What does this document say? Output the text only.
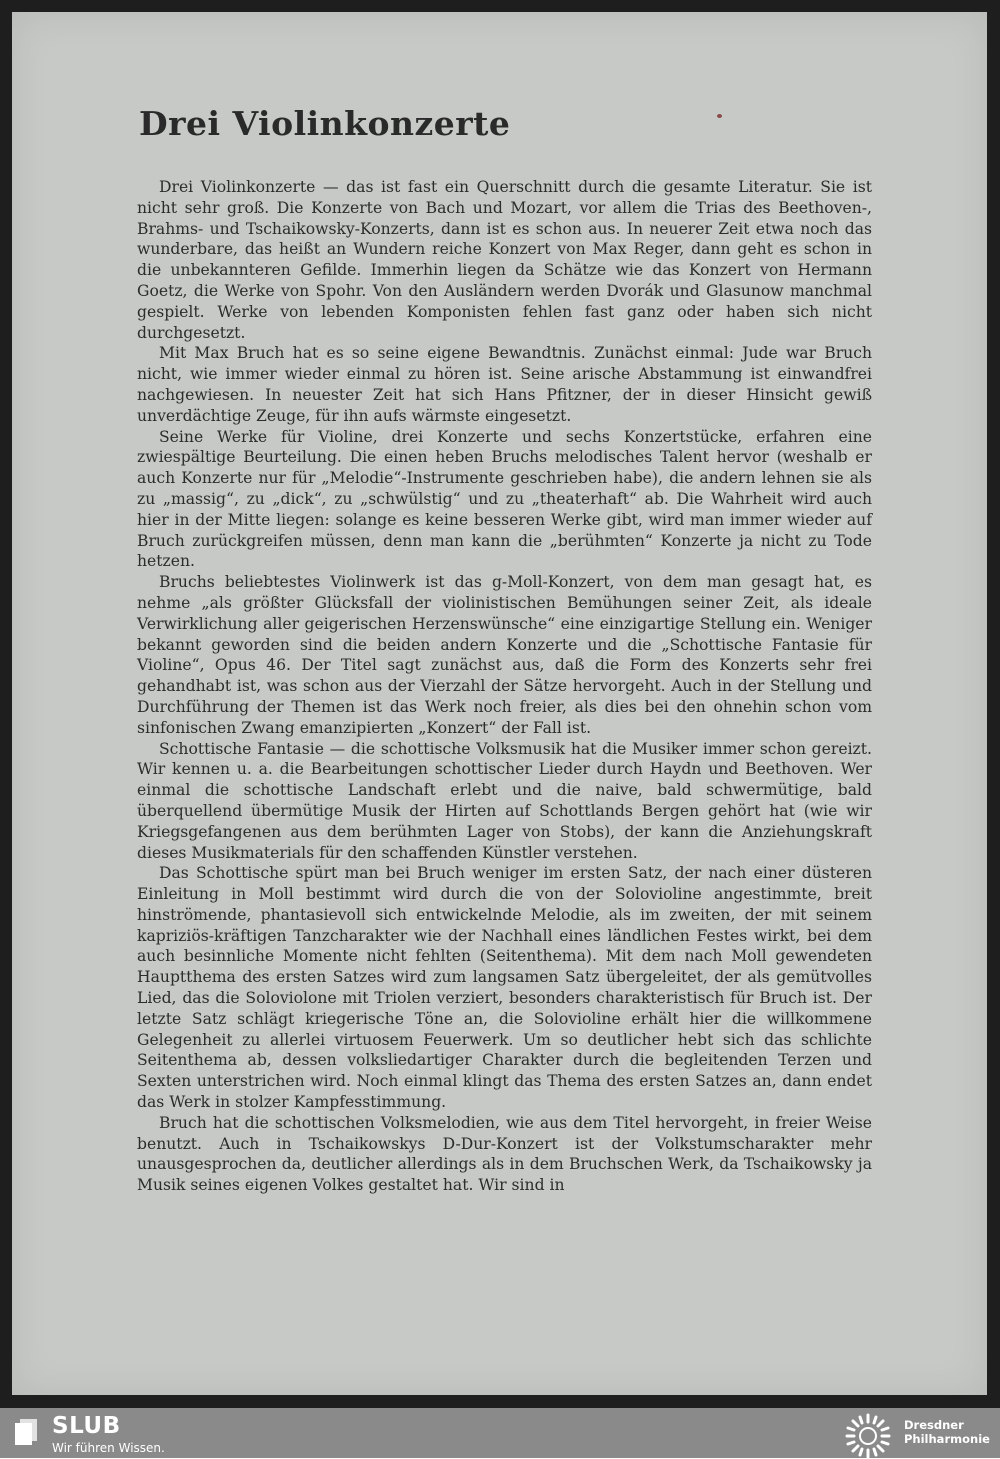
Drei Violinkonzerte

Drei Violinkonzerte — das ist fast ein Querschnitt durch die gesamte Literatur. Sie ist nicht sehr groß. Die Konzerte von Bach und Mozart, vor allem die Trias des Beethoven-, Brahms- und Tschaikowsky-Konzerts, dann ist es schon aus. In neuerer Zeit etwa noch das wunderbare, das heißt an Wundern reiche Konzert von Max Reger, dann geht es schon in die unbekannteren Gefilde. Immerhin liegen da Schätze wie das Konzert von Hermann Goetz, die Werke von Spohr. Von den Ausländern werden Dvorák und Glasunow manchmal gespielt. Werke von lebenden Komponisten fehlen fast ganz oder haben sich nicht durchgesetzt.

Mit Max Bruch hat es so seine eigene Bewandtnis. Zunächst einmal: Jude war Bruch nicht, wie immer wieder einmal zu hören ist. Seine arische Abstammung ist einwandfrei nachgewiesen. In neuester Zeit hat sich Hans Pfitzner, der in dieser Hinsicht gewiß unverdächtige Zeuge, für ihn aufs wärmste eingesetzt.

Seine Werke für Violine, drei Konzerte und sechs Konzertstücke, erfahren eine zwiespältige Beurteilung. Die einen heben Bruchs melodisches Talent hervor (weshalb er auch Konzerte nur für „Melodie“-Instrumente geschrieben habe), die andern lehnen sie als zu „massig“, zu „dick“, zu „schwülstig“ und zu „theaterhaft“ ab. Die Wahrheit wird auch hier in der Mitte liegen: solange es keine besseren Werke gibt, wird man immer wieder auf Bruch zurückgreifen müssen, denn man kann die „berühmten“ Konzerte ja nicht zu Tode hetzen.

Bruchs beliebtestes Violinwerk ist das g-Moll-Konzert, von dem man gesagt hat, es nehme „als größter Glücksfall der violinistischen Bemühungen seiner Zeit, als ideale Verwirklichung aller geigerischen Herzenswünsche“ eine einzigartige Stellung ein. Weniger bekannt geworden sind die beiden andern Konzerte und die „Schottische Fantasie für Violine“, Opus 46. Der Titel sagt zunächst aus, daß die Form des Konzerts sehr frei gehandhabt ist, was schon aus der Vierzahl der Sätze hervorgeht. Auch in der Stellung und Durchführung der Themen ist das Werk noch freier, als dies bei den ohnehin schon vom sinfonischen Zwang emanzipierten „Konzert“ der Fall ist.

Schottische Fantasie — die schottische Volksmusik hat die Musiker immer schon gereizt. Wir kennen u. a. die Bearbeitungen schottischer Lieder durch Haydn und Beethoven. Wer einmal die schottische Landschaft erlebt und die naive, bald schwermütige, bald überquellend übermütige Musik der Hirten auf Schottlands Bergen gehört hat (wie wir Kriegsgefangenen aus dem berühmten Lager von Stobs), der kann die Anziehungskraft dieses Musikmaterials für den schaffenden Künstler verstehen.

Das Schottische spürt man bei Bruch weniger im ersten Satz, der nach einer düsteren Einleitung in Moll bestimmt wird durch die von der Solovioline angestimmte, breit hinströmende, phantasievoll sich entwickelnde Melodie, als im zweiten, der mit seinem kapriziös-kräftigen Tanzcharakter wie der Nachhall eines ländlichen Festes wirkt, bei dem auch besinnliche Momente nicht fehlten (Seitenthema). Mit dem nach Moll gewendeten Hauptthema des ersten Satzes wird zum langsamen Satz übergeleitet, der als gemütvolles Lied, das die Soloviolone mit Triolen verziert, besonders charakteristisch für Bruch ist. Der letzte Satz schlägt kriegerische Töne an, die Solovioline erhält hier die willkommene Gelegenheit zu allerlei virtuosem Feuerwerk. Um so deutlicher hebt sich das schlichte Seitenthema ab, dessen volksliedartiger Charakter durch die begleitenden Terzen und Sexten unterstrichen wird. Noch einmal klingt das Thema des ersten Satzes an, dann endet das Werk in stolzer Kampfesstimmung.

Bruch hat die schottischen Volksmelodien, wie aus dem Titel hervorgeht, in freier Weise benutzt. Auch in Tschaikowskys D-Dur-Konzert ist der Volkstumscharakter mehr unausgesprochen da, deutlicher allerdings als in dem Bruchschen Werk, da Tschaikowsky ja Musik seines eigenen Volkes gestaltet hat. Wir sind in

SLUB

Wir führen Wissen.

Dresdner
Philharmonie
